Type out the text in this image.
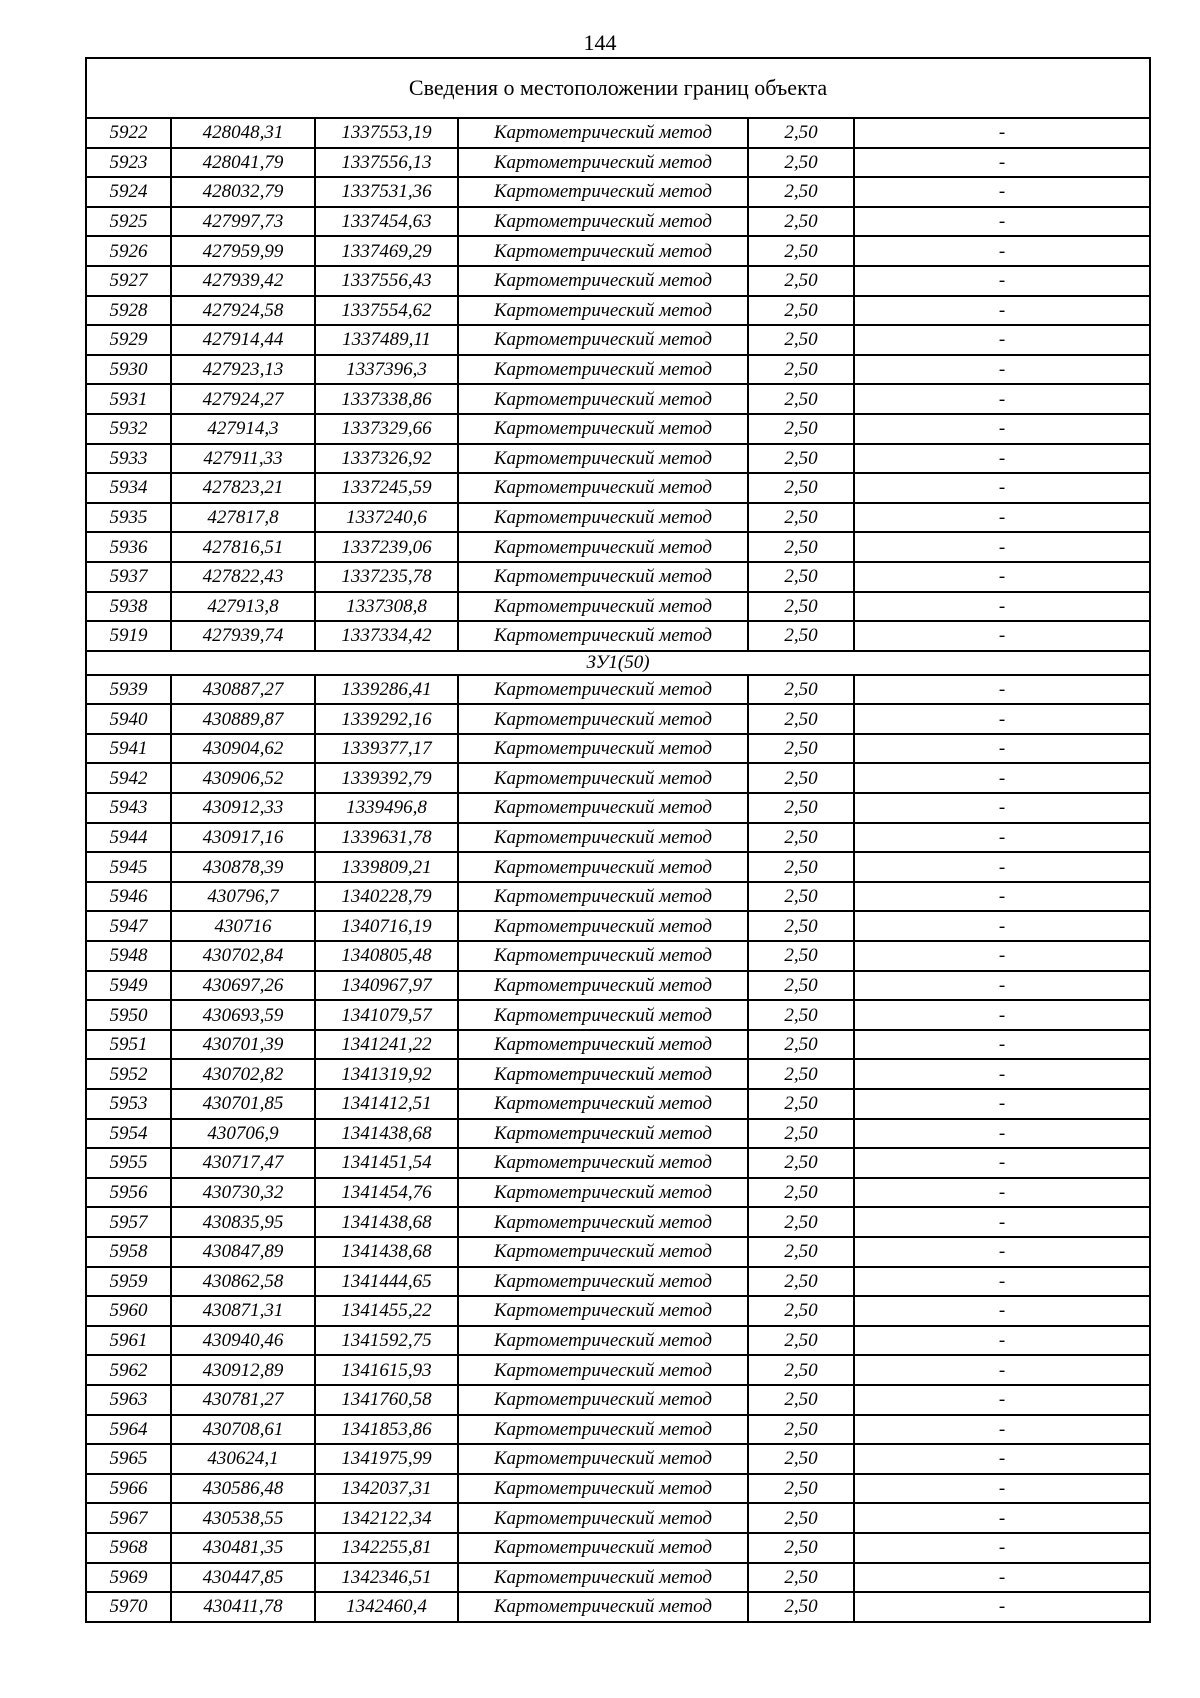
144
Сведения о местоположении границ объекта					
5922	428048,31	1337553,19	Картометрический метод	2,50	-
5923	428041,79	1337556,13	Картометрический метод	2,50	-
5924	428032,79	1337531,36	Картометрический метод	2,50	-
5925	427997,73	1337454,63	Картометрический метод	2,50	-
5926	427959,99	1337469,29	Картометрический метод	2,50	-
5927	427939,42	1337556,43	Картометрический метод	2,50	-
5928	427924,58	1337554,62	Картометрический метод	2,50	-
5929	427914,44	1337489,11	Картометрический метод	2,50	-
5930	427923,13	1337396,3	Картометрический метод	2,50	-
5931	427924,27	1337338,86	Картометрический метод	2,50	-
5932	427914,3	1337329,66	Картометрический метод	2,50	-
5933	427911,33	1337326,92	Картометрический метод	2,50	-
5934	427823,21	1337245,59	Картометрический метод	2,50	-
5935	427817,8	1337240,6	Картометрический метод	2,50	-
5936	427816,51	1337239,06	Картометрический метод	2,50	-
5937	427822,43	1337235,78	Картометрический метод	2,50	-
5938	427913,8	1337308,8	Картометрический метод	2,50	-
5919	427939,74	1337334,42	Картометрический метод	2,50	-
ЗУ1(50)					
5939	430887,27	1339286,41	Картометрический метод	2,50	-
5940	430889,87	1339292,16	Картометрический метод	2,50	-
5941	430904,62	1339377,17	Картометрический метод	2,50	-
5942	430906,52	1339392,79	Картометрический метод	2,50	-
5943	430912,33	1339496,8	Картометрический метод	2,50	-
5944	430917,16	1339631,78	Картометрический метод	2,50	-
5945	430878,39	1339809,21	Картометрический метод	2,50	-
5946	430796,7	1340228,79	Картометрический метод	2,50	-
5947	430716	1340716,19	Картометрический метод	2,50	-
5948	430702,84	1340805,48	Картометрический метод	2,50	-
5949	430697,26	1340967,97	Картометрический метод	2,50	-
5950	430693,59	1341079,57	Картометрический метод	2,50	-
5951	430701,39	1341241,22	Картометрический метод	2,50	-
5952	430702,82	1341319,92	Картометрический метод	2,50	-
5953	430701,85	1341412,51	Картометрический метод	2,50	-
5954	430706,9	1341438,68	Картометрический метод	2,50	-
5955	430717,47	1341451,54	Картометрический метод	2,50	-
5956	430730,32	1341454,76	Картометрический метод	2,50	-
5957	430835,95	1341438,68	Картометрический метод	2,50	-
5958	430847,89	1341438,68	Картометрический метод	2,50	-
5959	430862,58	1341444,65	Картометрический метод	2,50	-
5960	430871,31	1341455,22	Картометрический метод	2,50	-
5961	430940,46	1341592,75	Картометрический метод	2,50	-
5962	430912,89	1341615,93	Картометрический метод	2,50	-
5963	430781,27	1341760,58	Картометрический метод	2,50	-
5964	430708,61	1341853,86	Картометрический метод	2,50	-
5965	430624,1	1341975,99	Картометрический метод	2,50	-
5966	430586,48	1342037,31	Картометрический метод	2,50	-
5967	430538,55	1342122,34	Картометрический метод	2,50	-
5968	430481,35	1342255,81	Картометрический метод	2,50	-
5969	430447,85	1342346,51	Картометрический метод	2,50	-
5970	430411,78	1342460,4	Картометрический метод	2,50	-
